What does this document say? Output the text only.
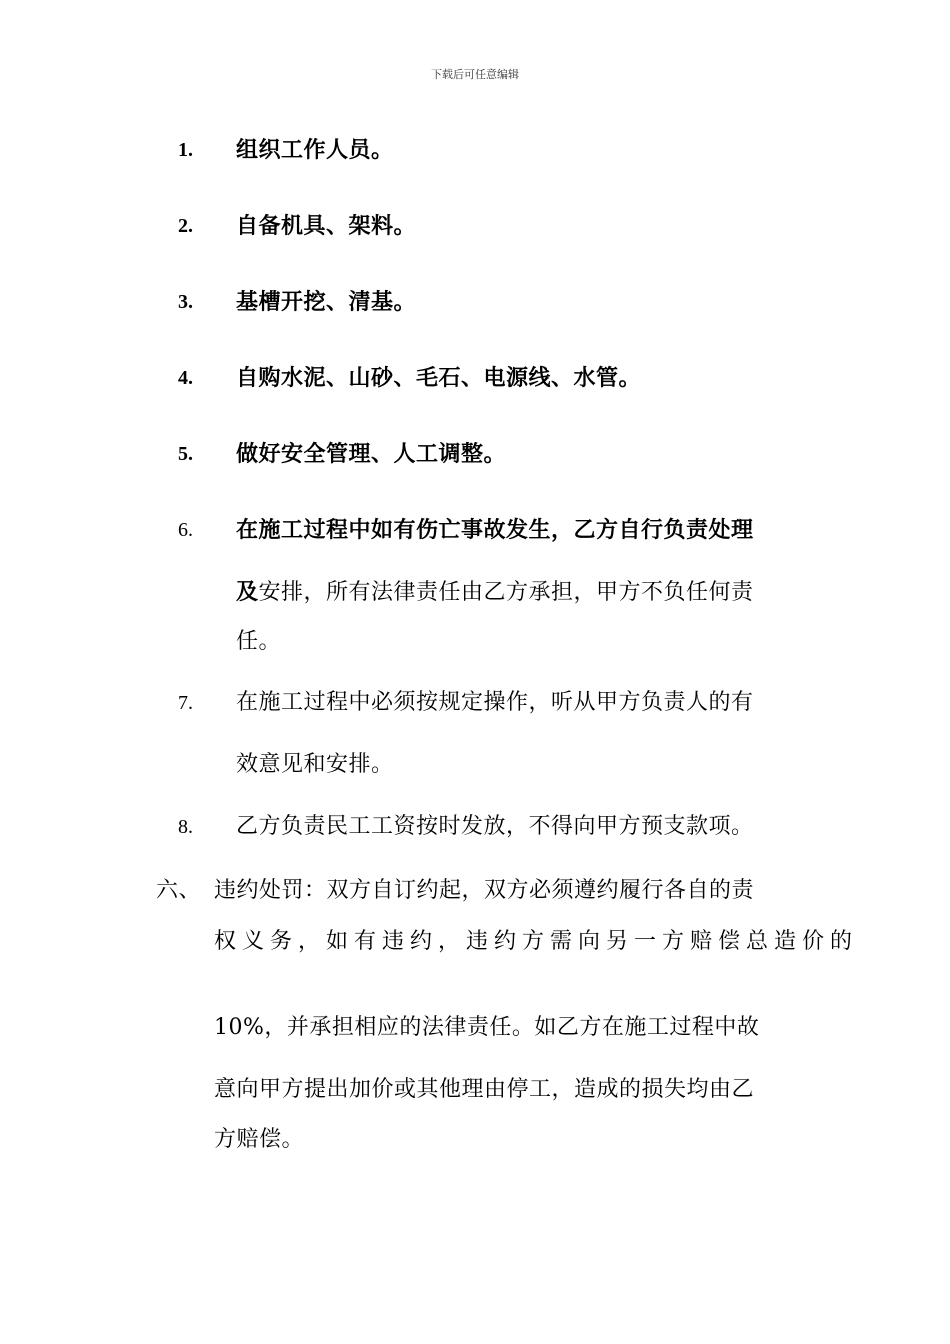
下载后可任意编辑
1. 组织工作人员。
2. 自备机具、架料。
3. 基槽开挖、清基。
4. 自购水泥、山砂、毛石、电源线、水管。
5. 做好安全管理、人工调整。
6. 在施工过程中如有伤亡事故发生，乙方自行负责处理
及安排，所有法律责任由乙方承担，甲方不负任何责
任。
7. 在施工过程中必须按规定操作，听从甲方负责人的有
效意见和安排。
8. 乙方负责民工工资按时发放，不得向甲方预支款项。
六、 违约处罚：双方自订约起，双方必须遵约履行各自的责
权义务，如有违约，违约方需向另一方赔偿总造价的
10%，并承担相应的法律责任。如乙方在施工过程中故
意向甲方提出加价或其他理由停工，造成的损失均由乙
方赔偿。
